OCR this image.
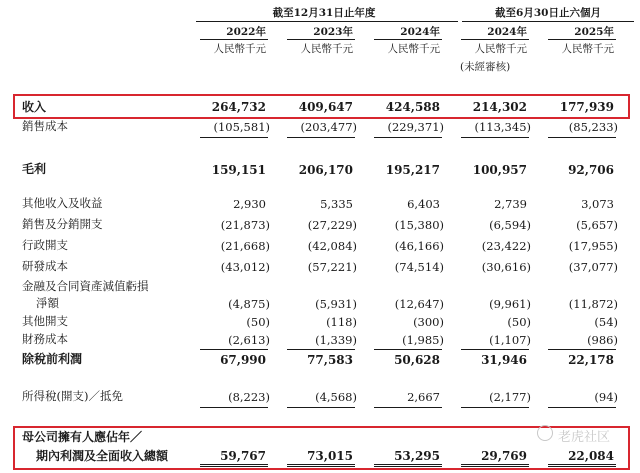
截至12月31日止年度	截至6月30日止六個月
2022年	2023年	2024年	2024年	2025年
人民幣千元	人民幣千元	人民幣千元	人民幣千元	人民幣千元
(未經審核)
收入	264,732	409,647	424,588	214,302	177,939
銷售成本	(105,581)	(203,477)	(229,371)	(113,345)	(85,233)
毛利	159,151	206,170	195,217	100,957	92,706
其他收入及收益	2,930	5,335	6,403	2,739	3,073
銷售及分銷開支	(21,873)	(27,229)	(15,380)	(6,594)	(5,657)
行政開支	(21,668)	(42,084)	(46,166)	(23,422)	(17,955)
研發成本	(43,012)	(57,221)	(74,514)	(30,616)	(37,077)
金融及合同資產減值虧損
淨額	(4,875)	(5,931)	(12,647)	(9,961)	(11,872)
其他開支	(50)	(118)	(300)	(50)	(54)
財務成本	(2,613)	(1,339)	(1,985)	(1,107)	(986)
除稅前利潤	67,990	77,583	50,628	31,946	22,178
所得稅(開支)／抵免	(8,223)	(4,568)	2,667	(2,177)	(94)
母公司擁有人應佔年／
期內利潤及全面收入總額	59,767	73,015	53,295	29,769	22,084
老虎社区
